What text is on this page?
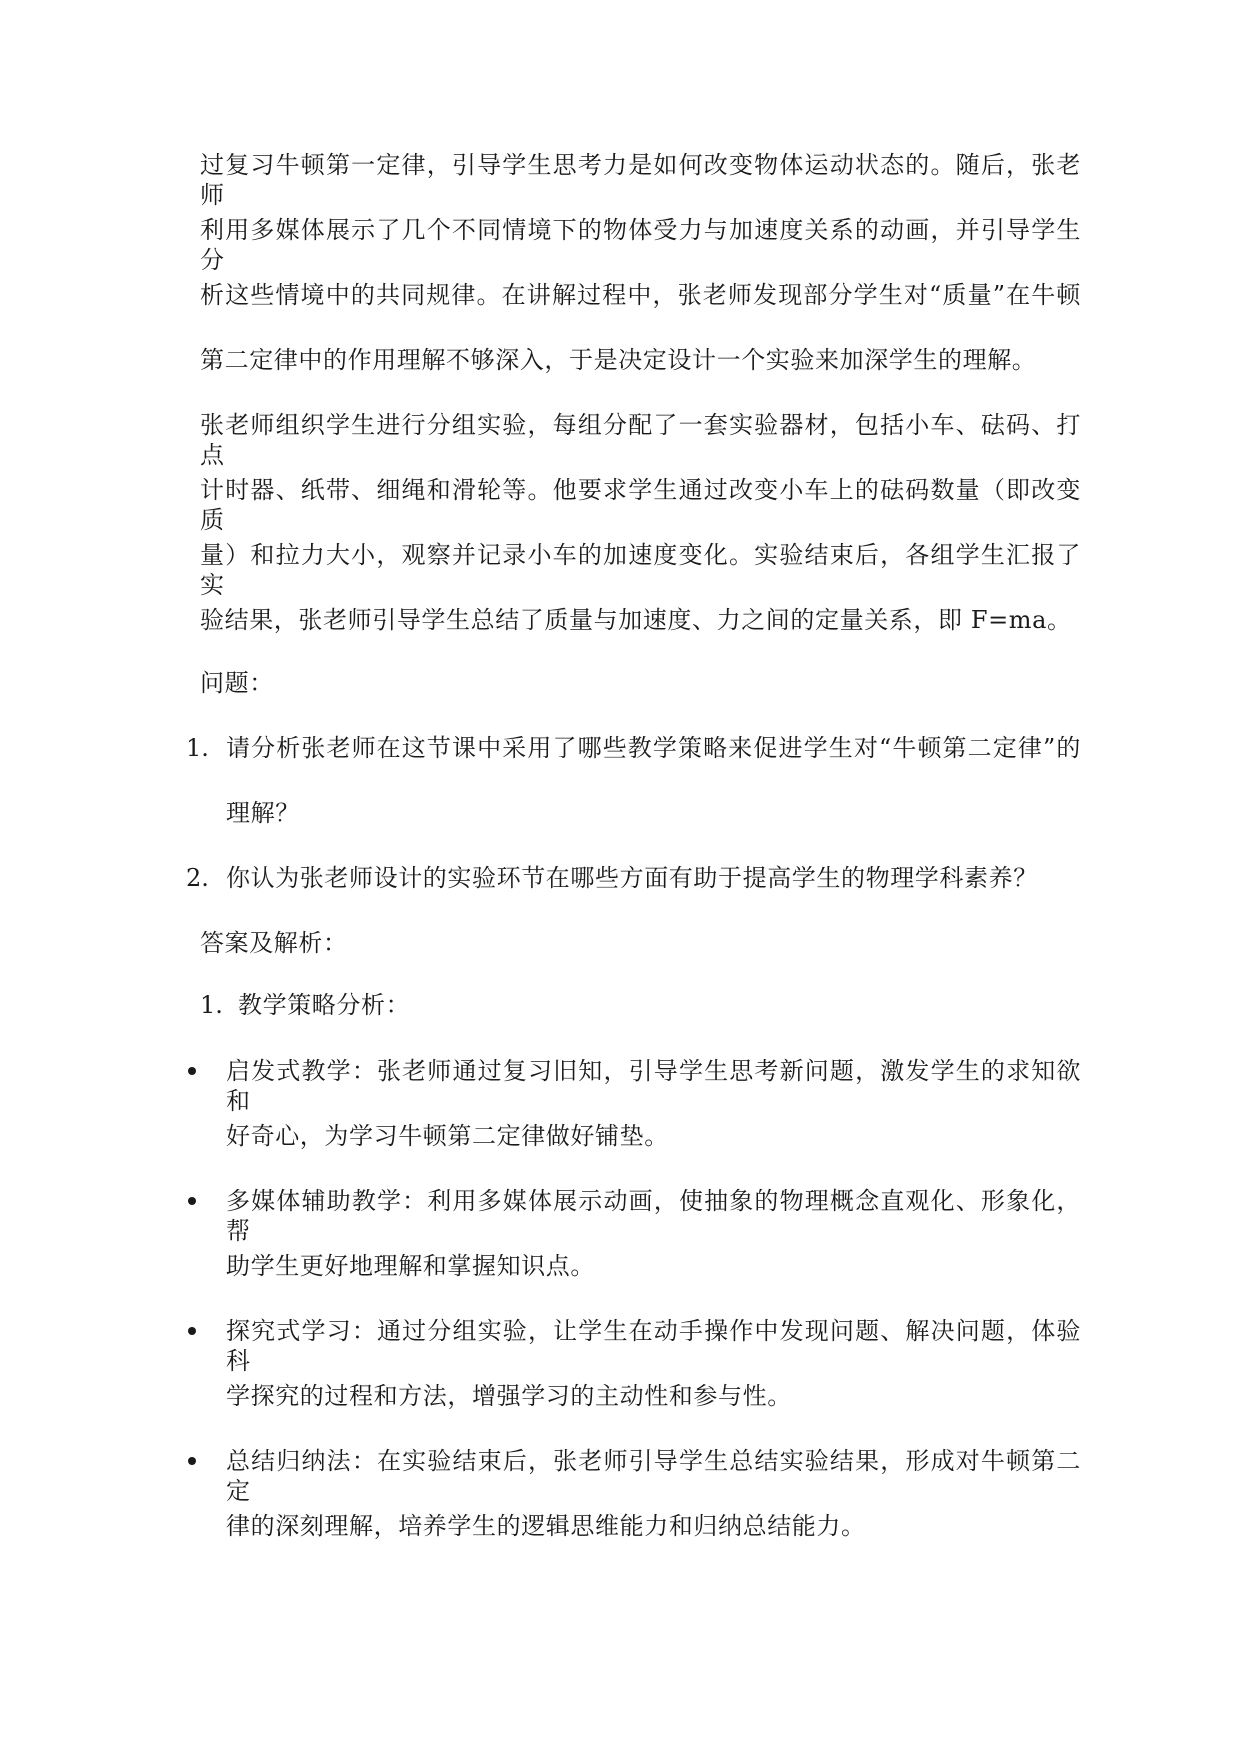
过复习牛顿第一定律，引导学生思考力是如何改变物体运动状态的。随后，张老师
利用多媒体展示了几个不同情境下的物体受力与加速度关系的动画，并引导学生分
析这些情境中的共同规律。在讲解过程中，张老师发现部分学生对“质量”在牛顿
第二定律中的作用理解不够深入，于是决定设计一个实验来加深学生的理解。
张老师组织学生进行分组实验，每组分配了一套实验器材，包括小车、砝码、打点
计时器、纸带、细绳和滑轮等。他要求学生通过改变小车上的砝码数量（即改变质
量）和拉力大小，观察并记录小车的加速度变化。实验结束后，各组学生汇报了实
验结果，张老师引导学生总结了质量与加速度、力之间的定量关系，即 F=ma。
问题：
1. 请分析张老师在这节课中采用了哪些教学策略来促进学生对“牛顿第二定律”的
理解？
2. 你认为张老师设计的实验环节在哪些方面有助于提高学生的物理学科素养？
答案及解析：
1. 教学策略分析：
启发式教学：张老师通过复习旧知，引导学生思考新问题，激发学生的求知欲和
好奇心，为学习牛顿第二定律做好铺垫。
多媒体辅助教学：利用多媒体展示动画，使抽象的物理概念直观化、形象化，帮
助学生更好地理解和掌握知识点。
探究式学习：通过分组实验，让学生在动手操作中发现问题、解决问题，体验科
学探究的过程和方法，增强学习的主动性和参与性。
总结归纳法：在实验结束后，张老师引导学生总结实验结果，形成对牛顿第二定
律的深刻理解，培养学生的逻辑思维能力和归纳总结能力。
